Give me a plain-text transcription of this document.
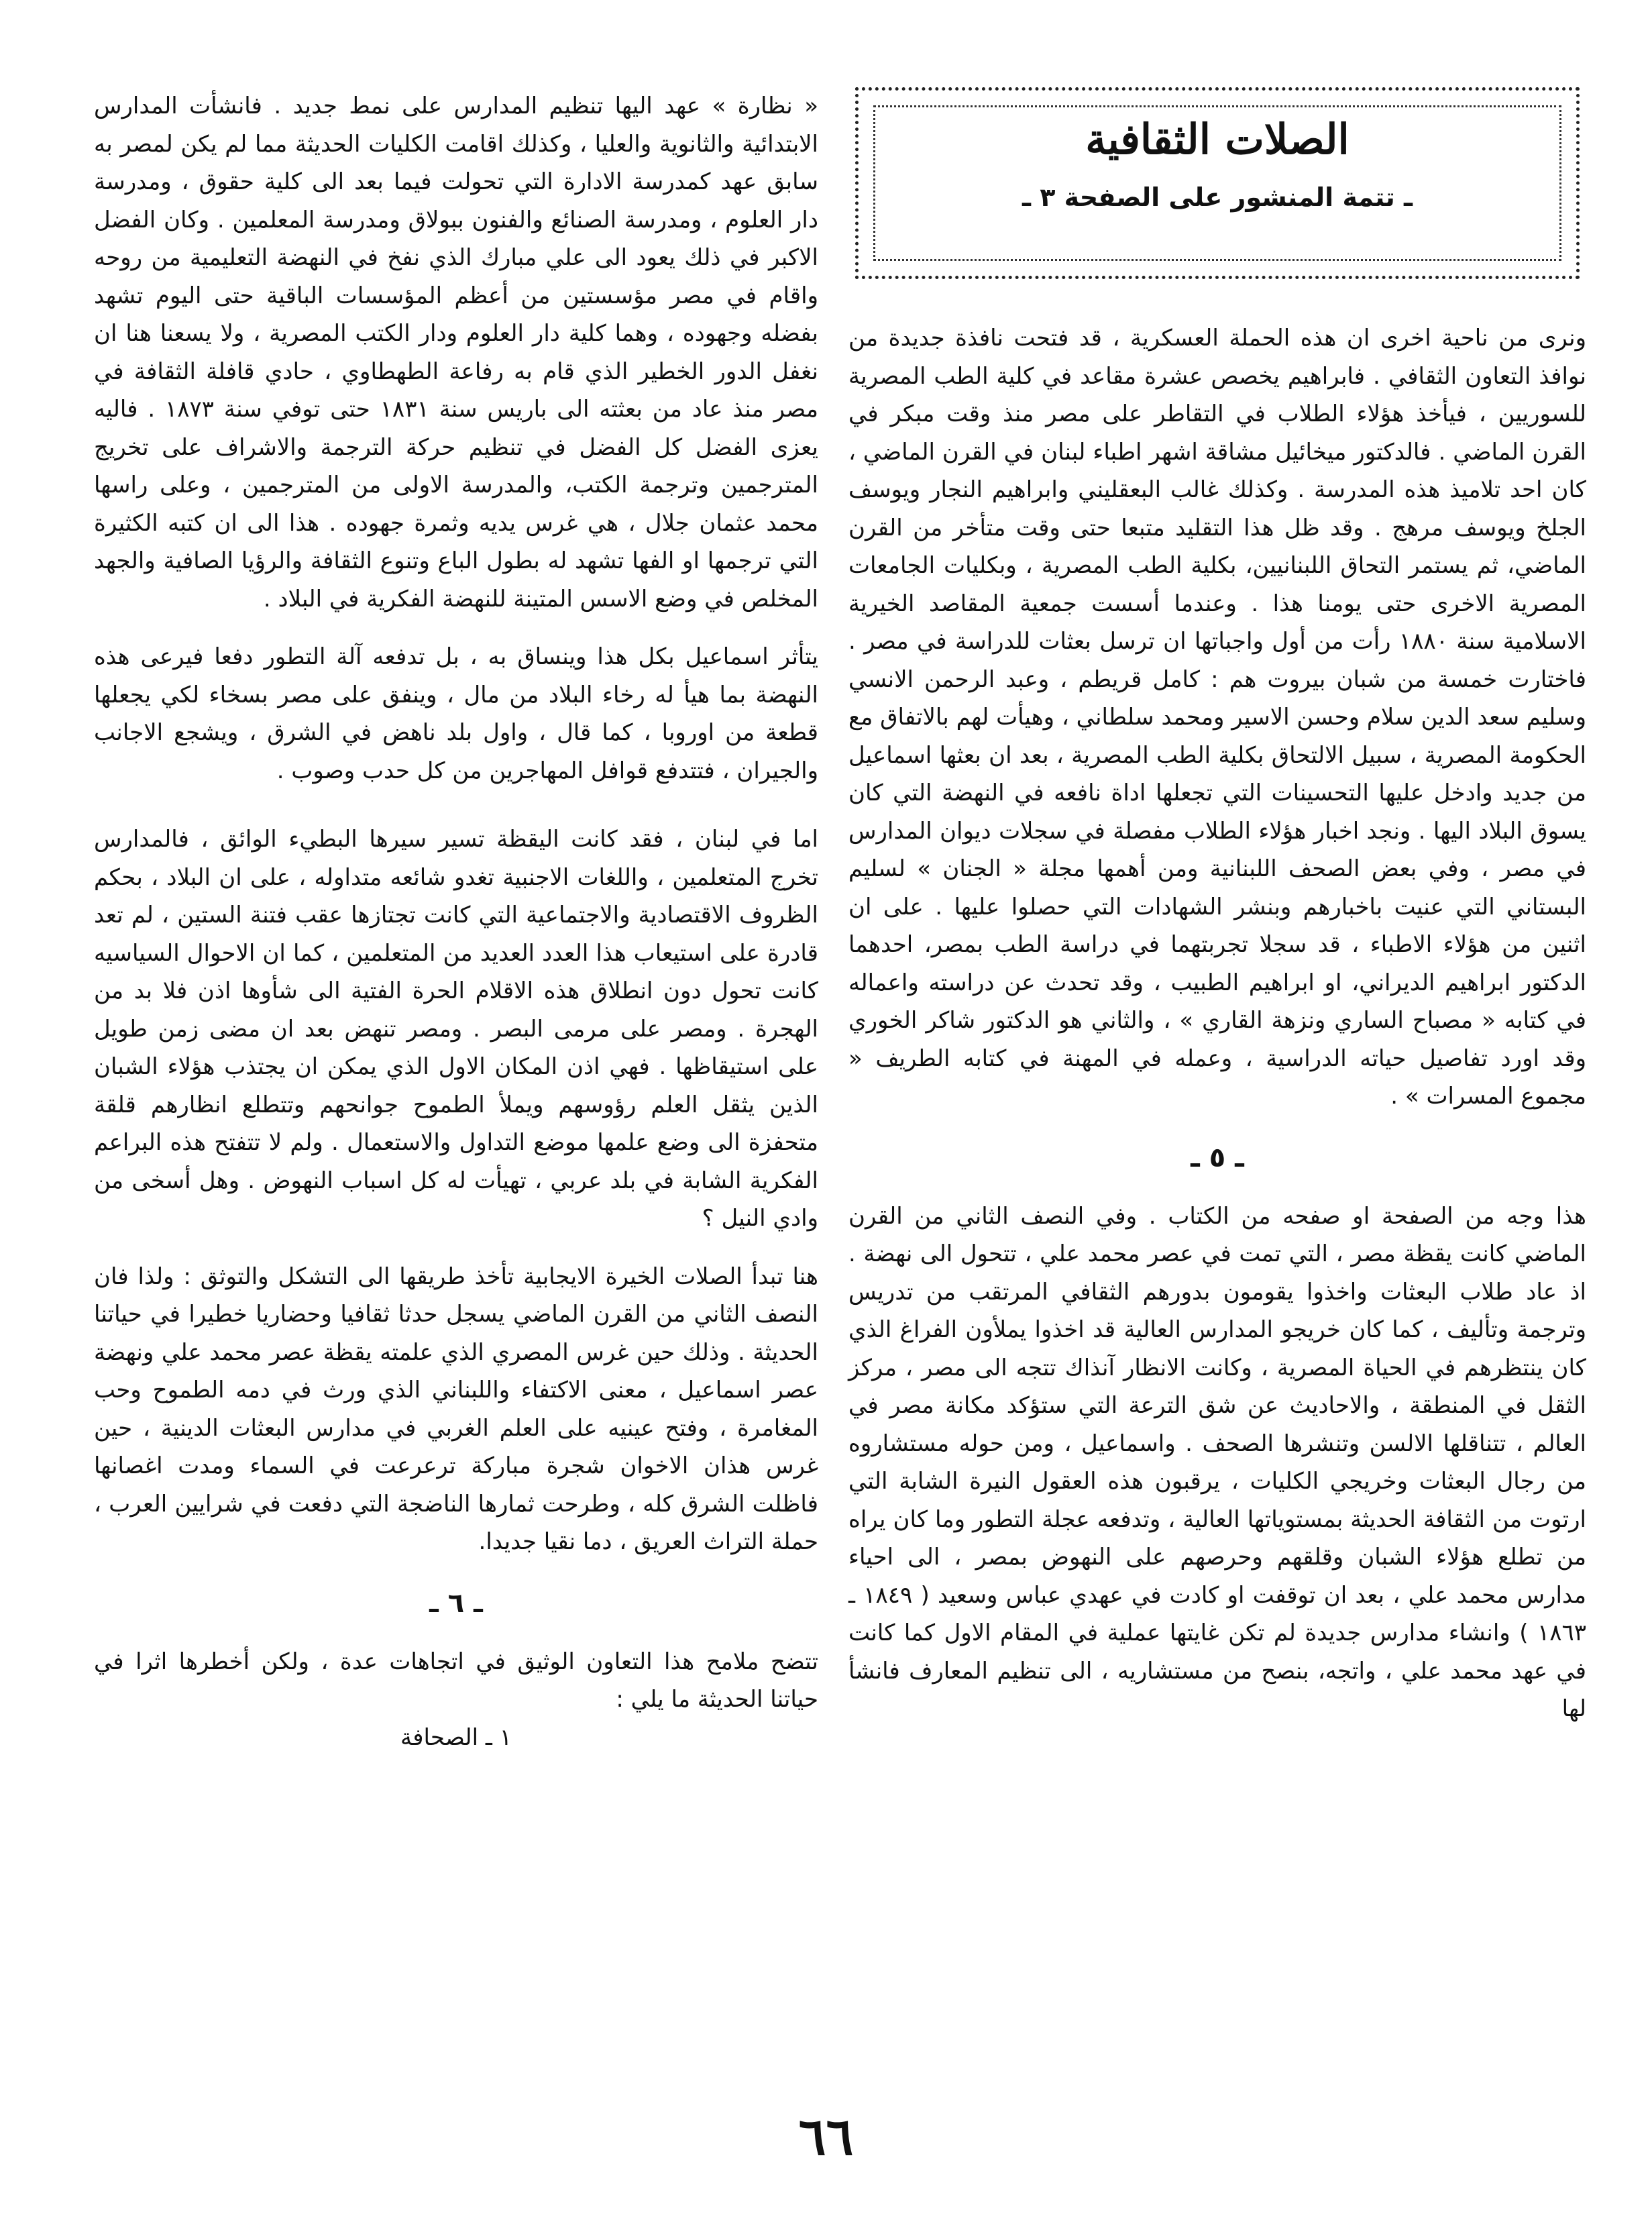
الصلات الثقافية
ـ تتمة المنشور على الصفحة ٣ ـ

ونرى من ناحية اخرى ان هذه الحملة العسكرية ، قد فتحت نافذة جديدة من نوافذ التعاون الثقافي . فابراهيم يخصص عشرة مقاعد في كلية الطب المصرية للسوريين ، فيأخذ هؤلاء الطلاب في التقاطر على مصر منذ وقت مبكر في القرن الماضي . فالدكتور ميخائيل مشاقة اشهر اطباء لبنان في القرن الماضي ، كان احد تلاميذ هذه المدرسة . وكذلك غالب البعقليني وابراهيم النجار ويوسف الجلخ ويوسف مرهج . وقد ظل هذا التقليد متبعا حتى وقت متأخر من القرن الماضي، ثم يستمر التحاق اللبنانيين، بكلية الطب المصرية ، وبكليات الجامعات المصرية الاخرى حتى يومنا هذا . وعندما أسست جمعية المقاصد الخيرية الاسلامية سنة ١٨٨٠ رأت من أول واجباتها ان ترسل بعثات للدراسة في مصر . فاختارت خمسة من شبان بيروت هم : كامل قريطم ، وعبد الرحمن الانسي وسليم سعد الدين سلام وحسن الاسير ومحمد سلطاني ، وهيأت لهم بالاتفاق مع الحكومة المصرية ، سبيل الالتحاق بكلية الطب المصرية ، بعد ان بعثها اسماعيل من جديد وادخل عليها التحسينات التي تجعلها اداة نافعه في النهضة التي كان يسوق البلاد اليها . ونجد اخبار هؤلاء الطلاب مفصلة في سجلات ديوان المدارس في مصر ، وفي بعض الصحف اللبنانية ومن أهمها مجلة « الجنان » لسليم البستاني التي عنيت باخبارهم وبنشر الشهادات التي حصلوا عليها . على ان اثنين من هؤلاء الاطباء ، قد سجلا تجربتهما في دراسة الطب بمصر، احدهما الدكتور ابراهيم الديراني، او ابراهيم الطبيب ، وقد تحدث عن دراسته واعماله في كتابه « مصباح الساري ونزهة القاري » ، والثاني هو الدكتور شاكر الخوري وقد اورد تفاصيل حياته الدراسية ، وعمله في المهنة في كتابه الطريف « مجموع المسرات » .

ـ ٥ ـ

هذا وجه من الصفحة او صفحه من الكتاب . وفي النصف الثاني من القرن الماضي كانت يقظة مصر ، التي تمت في عصر محمد علي ، تتحول الى نهضة . اذ عاد طلاب البعثات واخذوا يقومون بدورهم الثقافي المرتقب من تدريس وترجمة وتأليف ، كما كان خريجو المدارس العالية قد اخذوا يملأون الفراغ الذي كان ينتظرهم في الحياة المصرية ، وكانت الانظار آنذاك تتجه الى مصر ، مركز الثقل في المنطقة ، والاحاديث عن شق الترعة التي ستؤكد مكانة مصر في العالم ، تتناقلها الالسن وتنشرها الصحف . واسماعيل ، ومن حوله مستشاروه من رجال البعثات وخريجي الكليات ، يرقبون هذه العقول النيرة الشابة التي ارتوت من الثقافة الحديثة بمستوياتها العالية ، وتدفعه عجلة التطور وما كان يراه من تطلع هؤلاء الشبان وقلقهم وحرصهم على النهوض بمصر ، الى احياء مدارس محمد علي ، بعد ان توقفت او كادت في عهدي عباس وسعيد ( ١٨٤٩ ـ ١٨٦٣ ) وانشاء مدارس جديدة لم تكن غايتها عملية في المقام الاول كما كانت في عهد محمد علي ، واتجه، بنصح من مستشاريه ، الى تنظيم المعارف فانشأ لها

« نظارة » عهد اليها تنظيم المدارس على نمط جديد . فانشأت المدارس الابتدائية والثانوية والعليا ، وكذلك اقامت الكليات الحديثة مما لم يكن لمصر به سابق عهد كمدرسة الادارة التي تحولت فيما بعد الى كلية حقوق ، ومدرسة دار العلوم ، ومدرسة الصنائع والفنون ببولاق ومدرسة المعلمين . وكان الفضل الاكبر في ذلك يعود الى علي مبارك الذي نفخ في النهضة التعليمية من روحه واقام في مصر مؤسستين من أعظم المؤسسات الباقية حتى اليوم تشهد بفضله وجهوده ، وهما كلية دار العلوم ودار الكتب المصرية ، ولا يسعنا هنا ان نغفل الدور الخطير الذي قام به رفاعة الطهطاوي ، حادي قافلة الثقافة في مصر منذ عاد من بعثته الى باريس سنة ١٨٣١ حتى توفي سنة ١٨٧٣ . فاليه يعزى الفضل كل الفضل في تنظيم حركة الترجمة والاشراف على تخريج المترجمين وترجمة الكتب، والمدرسة الاولى من المترجمين ، وعلى راسها محمد عثمان جلال ، هي غرس يديه وثمرة جهوده . هذا الى ان كتبه الكثيرة التي ترجمها او الفها تشهد له بطول الباع وتنوع الثقافة والرؤيا الصافية والجهد المخلص في وضع الاسس المتينة للنهضة الفكرية في البلاد .

يتأثر اسماعيل بكل هذا وينساق به ، بل تدفعه آلة التطور دفعا فيرعى هذه النهضة بما هيأ له رخاء البلاد من مال ، وينفق على مصر بسخاء لكي يجعلها قطعة من اوروبا ، كما قال ، واول بلد ناهض في الشرق ، ويشجع الاجانب والجيران ، فتتدفع قوافل المهاجرين من كل حدب وصوب .

اما في لبنان ، فقد كانت اليقظة تسير سيرها البطيء الوائق ، فالمدارس تخرج المتعلمين ، واللغات الاجنبية تغدو شائعه متداوله ، على ان البلاد ، بحكم الظروف الاقتصادية والاجتماعية التي كانت تجتازها عقب فتنة الستين ، لم تعد قادرة على استيعاب هذا العدد العديد من المتعلمين ، كما ان الاحوال السياسيه كانت تحول دون انطلاق هذه الاقلام الحرة الفتية الى شأوها اذن فلا بد من الهجرة . ومصر على مرمى البصر . ومصر تنهض بعد ان مضى زمن طويل على استيقاظها . فهي اذن المكان الاول الذي يمكن ان يجتذب هؤلاء الشبان الذين يثقل العلم رؤوسهم ويملأ الطموح جوانحهم وتتطلع انظارهم قلقة متحفزة الى وضع علمها موضع التداول والاستعمال . ولم لا تتفتح هذه البراعم الفكرية الشابة في بلد عربي ، تهيأت له كل اسباب النهوض . وهل أسخى من وادي النيل ؟

هنا تبدأ الصلات الخيرة الايجابية تأخذ طريقها الى التشكل والتوثق : ولذا فان النصف الثاني من القرن الماضي يسجل حدثا ثقافيا وحضاريا خطيرا في حياتنا الحديثة . وذلك حين غرس المصري الذي علمته يقظة عصر محمد علي ونهضة عصر اسماعيل ، معنى الاكتفاء واللبناني الذي ورث في دمه الطموح وحب المغامرة ، وفتح عينيه على العلم الغربي في مدارس البعثات الدينية ، حين غرس هذان الاخوان شجرة مباركة ترعرعت في السماء ومدت اغصانها فاظلت الشرق كله ، وطرحت ثمارها الناضجة التي دفعت في شرايين العرب ، حملة التراث العريق ، دما نقيا جديدا.

ـ ٦ ـ

تتضح ملامح هذا التعاون الوثيق في اتجاهات عدة ، ولكن أخطرها اثرا في حياتنا الحديثة ما يلي :

١ ـ الصحافة

٦٦
